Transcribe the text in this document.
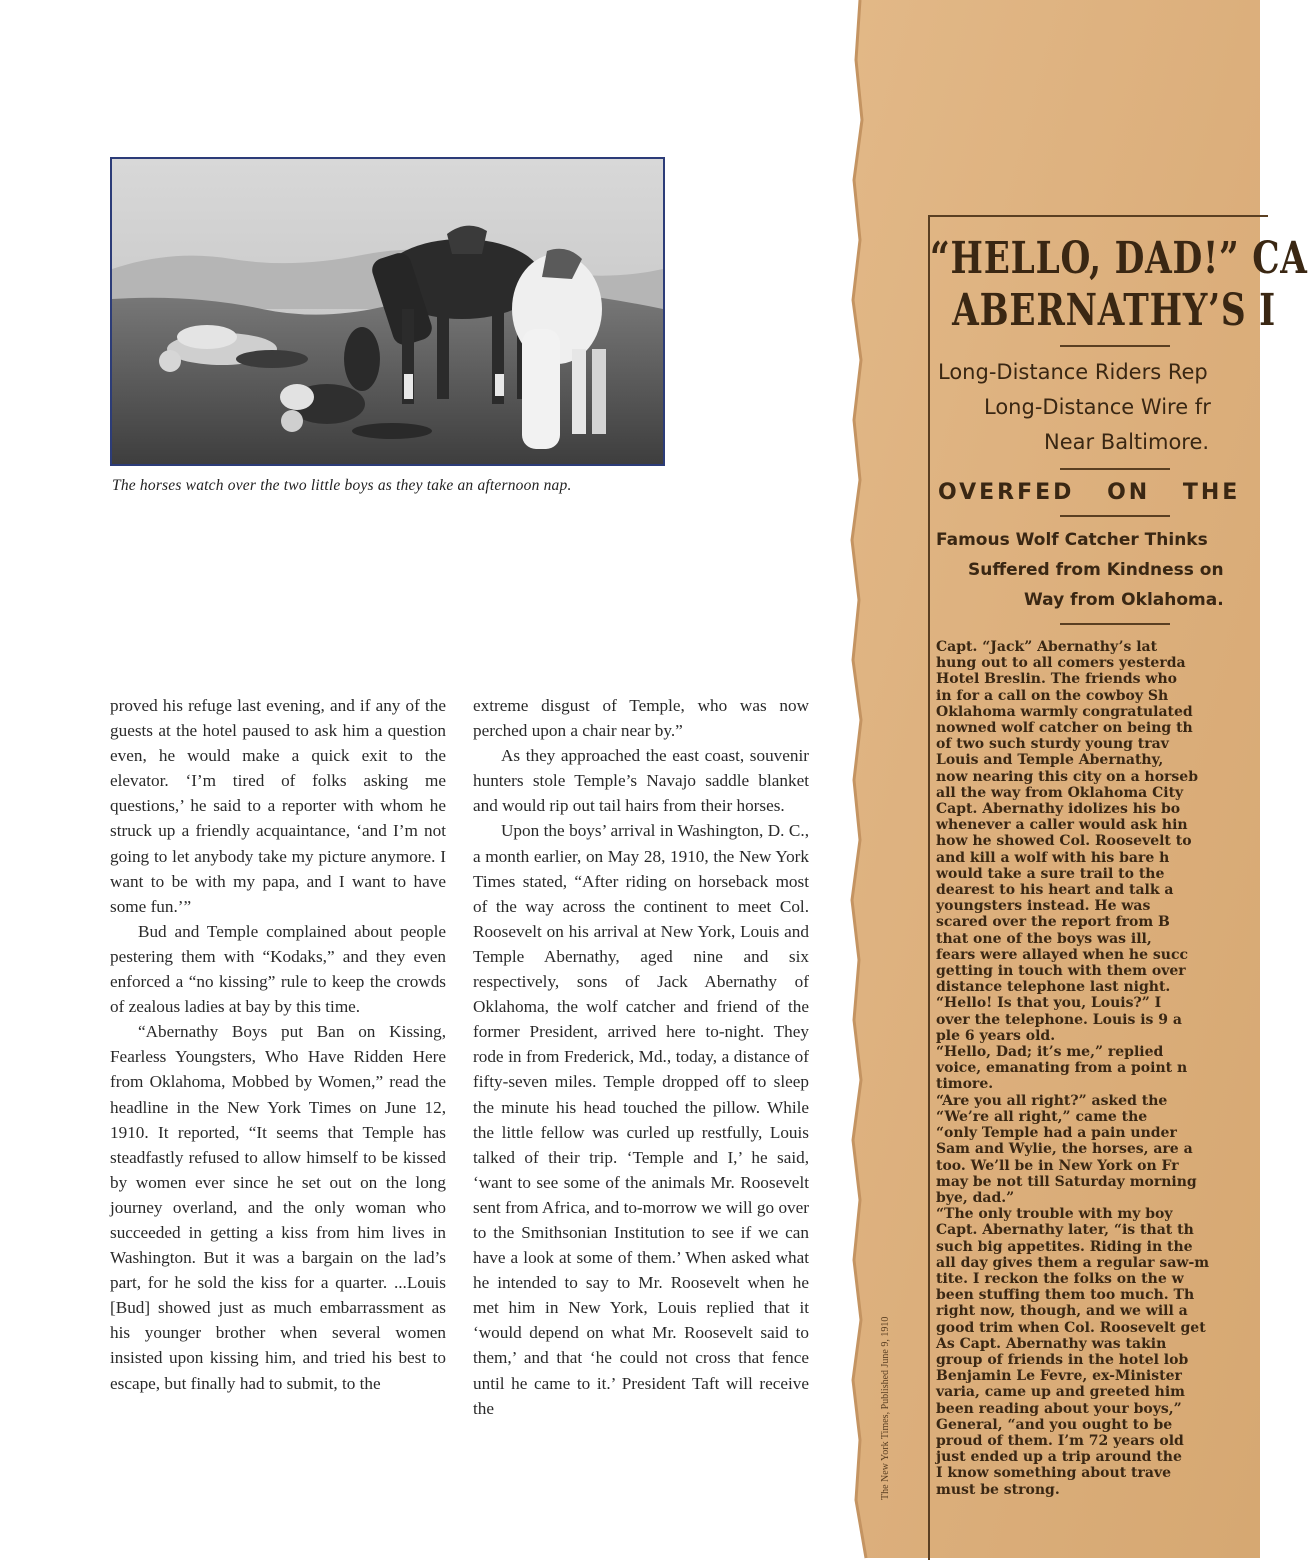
The horses watch over the two little boys as they take an afternoon nap.

proved his refuge last evening, and if any of the guests at the hotel paused to ask him a question even, he would make a quick exit to the elevator. ‘I’m tired of folks asking me questions,’ he said to a reporter with whom he struck up a friendly acquaintance, ‘and I’m not going to let anybody take my picture anymore. I want to be with my papa, and I want to have some fun.’”

Bud and Temple complained about people pestering them with “Kodaks,” and they even enforced a “no kissing” rule to keep the crowds of zealous ladies at bay by this time.

“Abernathy Boys put Ban on Kissing, Fearless Youngsters, Who Have Ridden Here from Oklahoma, Mobbed by Women,” read the headline in the New York Times on June 12, 1910. It reported, “It seems that Temple has steadfastly refused to allow himself to be kissed by women ever since he set out on the long journey overland, and the only woman who succeeded in getting a kiss from him lives in Washington. But it was a bargain on the lad’s part, for he sold the kiss for a quarter. ...Louis [Bud] showed just as much embarrassment as his younger brother when several women insisted upon kissing him, and tried his best to escape, but finally had to submit, to the

extreme disgust of Temple, who was now perched upon a chair near by.”

As they approached the east coast, souvenir hunters stole Temple’s Navajo saddle blanket and would rip out tail hairs from their horses.

Upon the boys’ arrival in Washington, D. C., a month earlier, on May 28, 1910, the New York Times stated, “After riding on horseback most of the way across the continent to meet Col. Roosevelt on his arrival at New York, Louis and Temple Abernathy, aged nine and six respectively, sons of Jack Abernathy of Oklahoma, the wolf catcher and friend of the former President, arrived here to-night. They rode in from Frederick, Md., today, a distance of fifty-seven miles. Temple dropped off to sleep the minute his head touched the pillow. While the little fellow was curled up restfully, Louis talked of their trip. ‘Temple and I,’ he said, ‘want to see some of the animals Mr. Roosevelt sent from Africa, and to-morrow we will go over to the Smithsonian Institution to see if we can have a look at some of them.’ When asked what he intended to say to Mr. Roosevelt when he met him in New York, Louis replied that it ‘would depend on what Mr. Roosevelt said to them,’ and that ‘he could not cross that fence until he came to it.’ President Taft will receive the	The New York Times, Published June 9, 1910
“HELLO, DAD!” CA
ABERNATHY’S I
Long-Distance Riders Rep
Long-Distance Wire fr
Near Baltimore.
OVERFED ON THE
Famous Wolf Catcher Thinks
Suffered from Kindness on
Way from Oklahoma.
Capt. “Jack” Abernathy’s lat
hung out to all comers yesterda
Hotel Breslin. The friends who
in for a call on the cowboy Sh
Oklahoma warmly congratulated
nowned wolf catcher on being th
of two such sturdy young trav
Louis and Temple Abernathy,
now nearing this city on a horseb
all the way from Oklahoma City
Capt. Abernathy idolizes his bo
whenever a caller would ask hin
how he showed Col. Roosevelt to
and kill a wolf with his bare h
would take a sure trail to the
dearest to his heart and talk a
youngsters instead. He was
scared over the report from B
that one of the boys was ill,
fears were allayed when he succ
getting in touch with them over
distance telephone last night.
“Hello! Is that you, Louis?” I
over the telephone. Louis is 9 a
ple 6 years old.
“Hello, Dad; it’s me,” replied
voice, emanating from a point n
timore.
“Are you all right?” asked the
“We’re all right,” came the
“only Temple had a pain under
Sam and Wylie, the horses, are a
too. We’ll be in New York on Fr
may be not till Saturday morning
bye, dad.”
“The only trouble with my boy
Capt. Abernathy later, “is that th
such big appetites. Riding in the
all day gives them a regular saw-m
tite. I reckon the folks on the w
been stuffing them too much. Th
right now, though, and we will a
good trim when Col. Roosevelt get
As Capt. Abernathy was takin
group of friends in the hotel lob
Benjamin Le Fevre, ex-Minister
varia, came up and greeted him
been reading about your boys,”
General, “and you ought to be
proud of them. I’m 72 years old
just ended up a trip around the
I know something about trave
must be strong.
